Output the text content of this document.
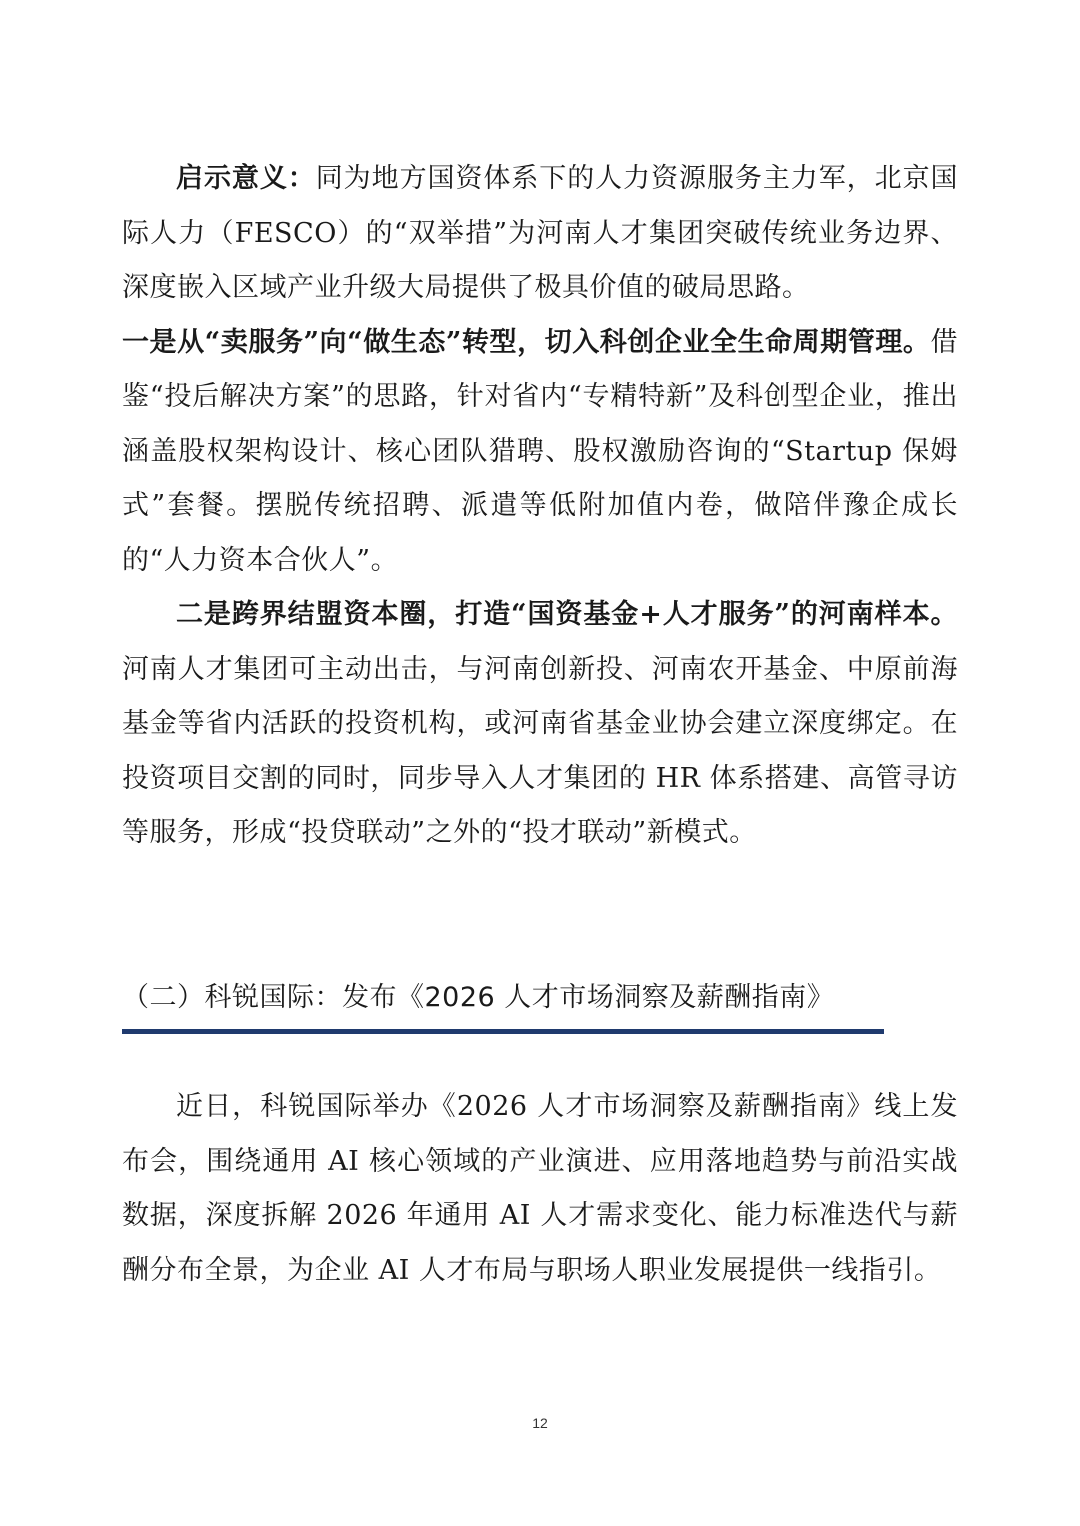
启示意义：同为地方国资体系下的人力资源服务主力军，北京国际人力（FESCO）的“双举措”为河南人才集团突破传统业务边界、深度嵌入区域产业升级大局提供了极具价值的破局思路。

一是从“卖服务”向“做生态”转型，切入科创企业全生命周期管理。借鉴“投后解决方案”的思路，针对省内“专精特新”及科创型企业，推出涵盖股权架构设计、核心团队猎聘、股权激励咨询的“Startup 保姆式”套餐。摆脱传统招聘、派遣等低附加值内卷，做陪伴豫企成长的“人力资本合伙人”。

二是跨界结盟资本圈，打造“国资基金+人才服务”的河南样本。河南人才集团可主动出击，与河南创新投、河南农开基金、中原前海基金等省内活跃的投资机构，或河南省基金业协会建立深度绑定。在投资项目交割的同时，同步导入人才集团的 HR 体系搭建、高管寻访等服务，形成“投贷联动”之外的“投才联动”新模式。

（二）科锐国际：发布《2026 人才市场洞察及薪酬指南》

近日，科锐国际举办《2026 人才市场洞察及薪酬指南》线上发布会，围绕通用 AI 核心领域的产业演进、应用落地趋势与前沿实战数据，深度拆解 2026 年通用 AI 人才需求变化、能力标准迭代与薪酬分布全景，为企业 AI 人才布局与职场人职业发展提供一线指引。

12
